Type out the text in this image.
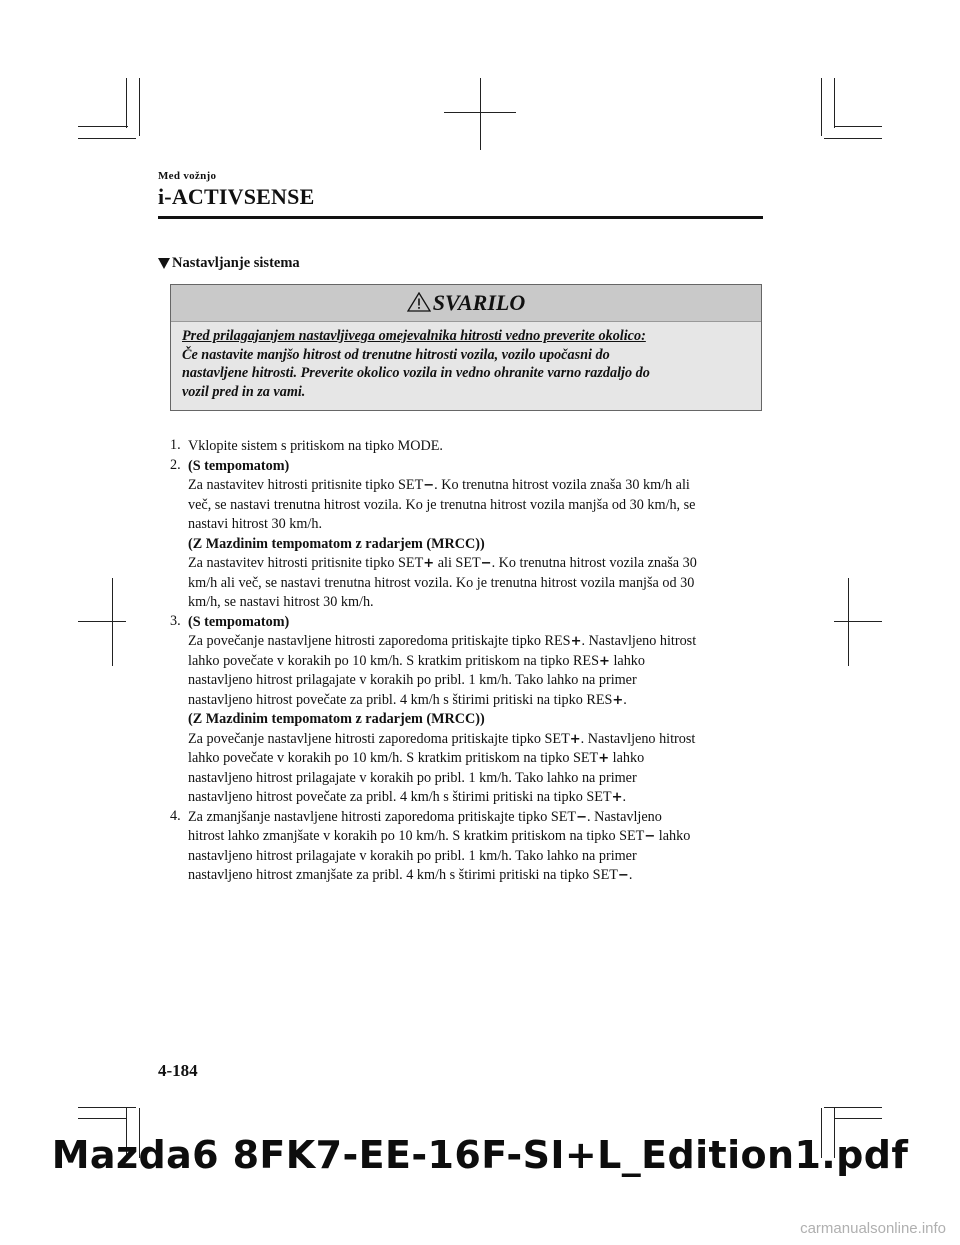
Med vožnjo
i-ACTIVSENSE
Nastavljanje sistema
SVARILO
Pred prilagajanjem nastavljivega omejevalnika hitrosti vedno preverite okolico:
Če nastavite manjšo hitrost od trenutne hitrosti vozila, vozilo upočasni do
nastavljene hitrosti. Preverite okolico vozila in vedno ohranite varno razdaljo do
vozil pred in za vami.
1. Vklopite sistem s pritiskom na tipko MODE.
2. (S tempomatom)
Za nastavitev hitrosti pritisnite tipko SET−. Ko trenutna hitrost vozila znaša 30 km/h ali
več, se nastavi trenutna hitrost vozila. Ko je trenutna hitrost vozila manjša od 30 km/h, se
nastavi hitrost 30 km/h.
(Z Mazdinim tempomatom z radarjem (MRCC))
Za nastavitev hitrosti pritisnite tipko SET+ ali SET−. Ko trenutna hitrost vozila znaša 30
km/h ali več, se nastavi trenutna hitrost vozila. Ko je trenutna hitrost vozila manjša od 30
km/h, se nastavi hitrost 30 km/h.
3. (S tempomatom)
Za povečanje nastavljene hitrosti zaporedoma pritiskajte tipko RES+. Nastavljeno hitrost
lahko povečate v korakih po 10 km/h. S kratkim pritiskom na tipko RES+ lahko
nastavljeno hitrost prilagajate v korakih po pribl. 1 km/h. Tako lahko na primer
nastavljeno hitrost povečate za pribl. 4 km/h s štirimi pritiski na tipko RES+.
(Z Mazdinim tempomatom z radarjem (MRCC))
Za povečanje nastavljene hitrosti zaporedoma pritiskajte tipko SET+. Nastavljeno hitrost
lahko povečate v korakih po 10 km/h. S kratkim pritiskom na tipko SET+ lahko
nastavljeno hitrost prilagajate v korakih po pribl. 1 km/h. Tako lahko na primer
nastavljeno hitrost povečate za pribl. 4 km/h s štirimi pritiski na tipko SET+.
4. Za zmanjšanje nastavljene hitrosti zaporedoma pritiskajte tipko SET−. Nastavljeno
hitrost lahko zmanjšate v korakih po 10 km/h. S kratkim pritiskom na tipko SET− lahko
nastavljeno hitrost prilagajate v korakih po pribl. 1 km/h. Tako lahko na primer
nastavljeno hitrost zmanjšate za pribl. 4 km/h s štirimi pritiski na tipko SET−.
4-184
Mazda6 8FK7-EE-16F-SI+L_Edition1.pdf
carmanualsonline.info
